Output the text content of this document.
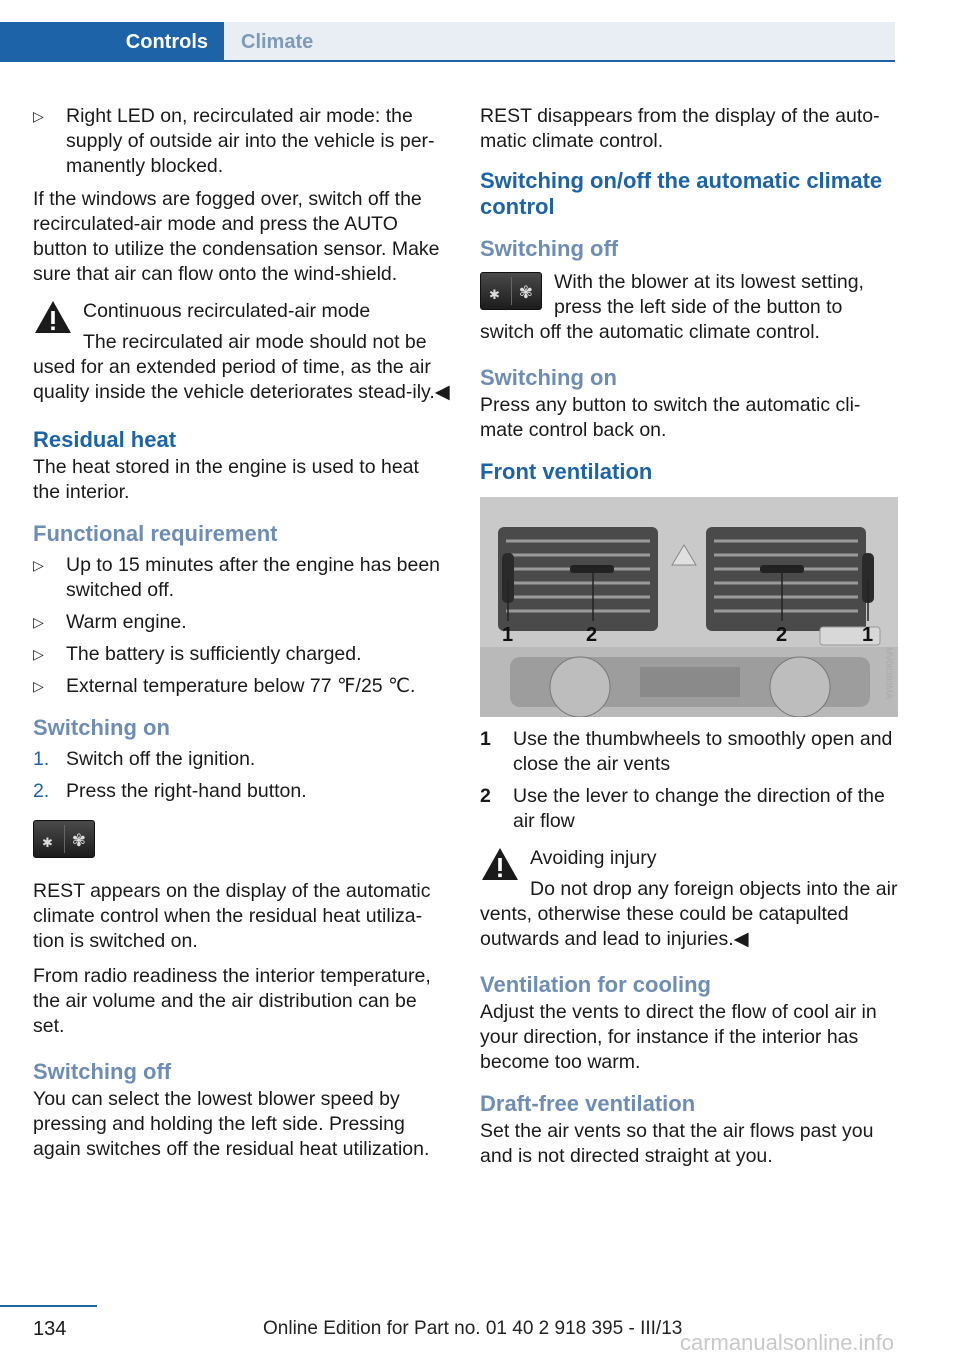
Controls Climate
▷ Right LED on, recirculated air mode: the supply of outside air into the vehicle is per‐manently blocked.

If the windows are fogged over, switch off the recirculated-air mode and press the AUTO button to utilize the condensation sensor. Make sure that air can flow onto the wind‐shield.

Continuous recirculated-air mode
The recirculated air mode should not be used for an extended period of time, as the air quality inside the vehicle deteriorates stead‐ily.◀
Residual heat

The heat stored in the engine is used to heat the interior.

Functional requirement
▷ Up to 15 minutes after the engine has been switched off.
▷ Warm engine.
▷ The battery is sufficiently charged.
▷ External temperature below 77 ℉/25 ℃.
Switching on
1. Switch off the ignition.
2. Press the right-hand button.
✱ ✾

REST appears on the display of the automatic climate control when the residual heat utiliza‐tion is switched on.

From radio readiness the interior temperature, the air volume and the air distribution can be set.

Switching off

You can select the lowest blower speed by pressing and holding the left side. Pressing again switches off the residual heat utilization.

REST disappears from the display of the auto‐matic climate control.

Switching on/off the automatic climate control
Switching off
✱ ✾ With the blower at its lowest setting, press the left side of the button to switch off the automatic climate control.
Switching on

Press any button to switch the automatic cli‐mate control back on.

Front ventilation
1	2	2	1
MV06380MA
1 Use the thumbwheels to smoothly open and close the air vents
2 Use the lever to change the direction of the air flow
Avoiding injury
Do not drop any foreign objects into the air vents, otherwise these could be catapulted outwards and lead to injuries.◀
Ventilation for cooling

Adjust the vents to direct the flow of cool air in your direction, for instance if the interior has become too warm.

Draft-free ventilation

Set the air vents so that the air flows past you and is not directed straight at you.

134	Online Edition for Part no. 01 40 2 918 395 - III/13
carmanualsonline.info
